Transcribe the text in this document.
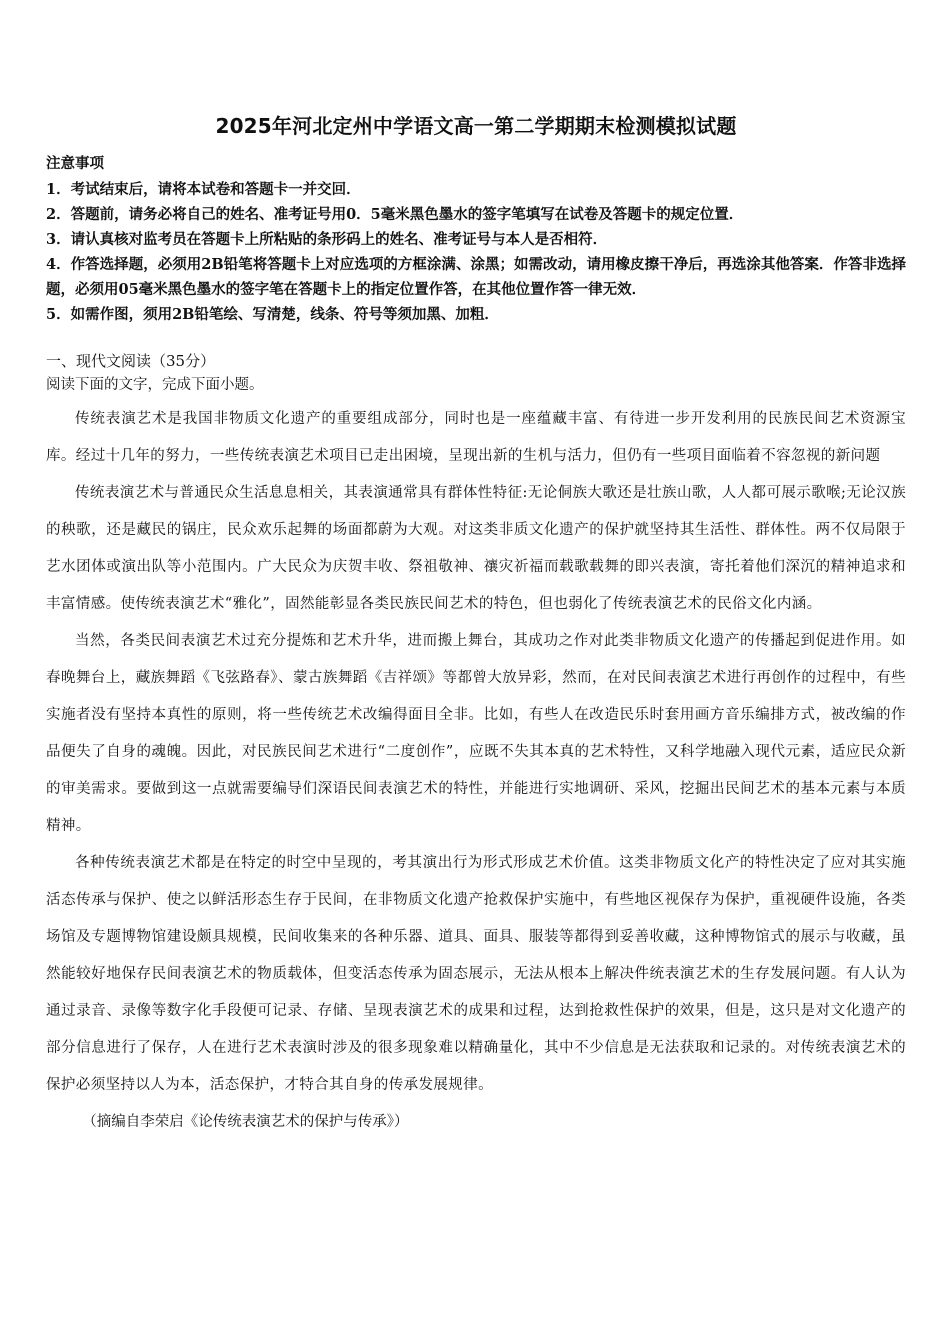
2025年河北定州中学语文高一第二学期期末检测模拟试题

注意事项

1．考试结束后，请将本试卷和答题卡一并交回．
2．答题前，请务必将自己的姓名、准考证号用0．5毫米黑色墨水的签字笔填写在试卷及答题卡的规定位置．
3．请认真核对监考员在答题卡上所粘贴的条形码上的姓名、准考证号与本人是否相符．
4．作答选择题，必须用2B铅笔将答题卡上对应选项的方框涂满、涂黑；如需改动，请用橡皮擦干净后，再选涂其他答案．作答非选择题，必须用05毫米黑色墨水的签字笔在答题卡上的指定位置作答，在其他位置作答一律无效．
5．如需作图，须用2B铅笔绘、写清楚，线条、符号等须加黑、加粗．

一、现代文阅读（35分）

阅读下面的文字，完成下面小题。

传统表演艺术是我国非物质文化遗产的重要组成部分，同时也是一座蕴藏丰富、有待进一步开发利用的民族民间艺术资源宝库。经过十几年的努力，一些传统表演艺术项目已走出困境，呈现出新的生机与活力，但仍有一些项目面临着不容忽视的新问题

传统表演艺术与普通民众生活息息相关，其表演通常具有群体性特征:无论侗族大歌还是壮族山歌，人人都可展示歌喉;无论汉族的秧歌，还是藏民的锅庄，民众欢乐起舞的场面都蔚为大观。对这类非质文化遗产的保护就坚持其生活性、群体性。两不仅局限于艺水团体或演出队等小范围内。广大民众为庆贺丰收、祭祖敬神、禳灾祈福而载歌载舞的即兴表演，寄托着他们深沉的精神追求和丰富情感。使传统表演艺术“雅化”，固然能彰显各类民族民间艺术的特色，但也弱化了传统表演艺术的民俗文化内涵。

当然，各类民间表演艺术过充分提炼和艺术升华，进而搬上舞台，其成功之作对此类非物质文化遗产的传播起到促进作用。如春晚舞台上，藏族舞蹈《飞弦路春》、蒙古族舞蹈《吉祥颂》等都曾大放异彩，然而，在对民间表演艺术进行再创作的过程中，有些实施者没有坚持本真性的原则，将一些传统艺术改编得面目全非。比如，有些人在改造民乐时套用画方音乐编排方式，被改编的作品便失了自身的魂魄。因此，对民族民间艺术进行“二度创作”，应既不失其本真的艺术特性，又科学地融入现代元素，适应民众新的审美需求。要做到这一点就需要编导们深语民间表演艺术的特性，并能进行实地调研、采风，挖掘出民间艺术的基本元素与本质精神。

各种传统表演艺术都是在特定的时空中呈现的，考其演出行为形式形成艺术价值。这类非物质文化产的特性决定了应对其实施活态传承与保护、使之以鲜活形态生存于民间，在非物质文化遗产抢救保护实施中，有些地区视保存为保护，重视硬件设施，各类场馆及专题博物馆建设颇具规模，民间收集来的各种乐器、道具、面具、服装等都得到妥善收藏，这种博物馆式的展示与收藏，虽然能较好地保存民间表演艺术的物质载体，但变活态传承为固态展示，无法从根本上解决件统表演艺术的生存发展问题。有人认为通过录音、录像等数字化手段便可记录、存储、呈现表演艺术的成果和过程，达到抢救性保护的效果，但是，这只是对文化遗产的部分信息进行了保存，人在进行艺术表演时涉及的很多现象难以精确量化，其中不少信息是无法获取和记录的。对传统表演艺术的保护必须坚持以人为本，活态保护，才特合其自身的传承发展规律。

（摘编自李荣启《论传统表演艺术的保护与传承》）
